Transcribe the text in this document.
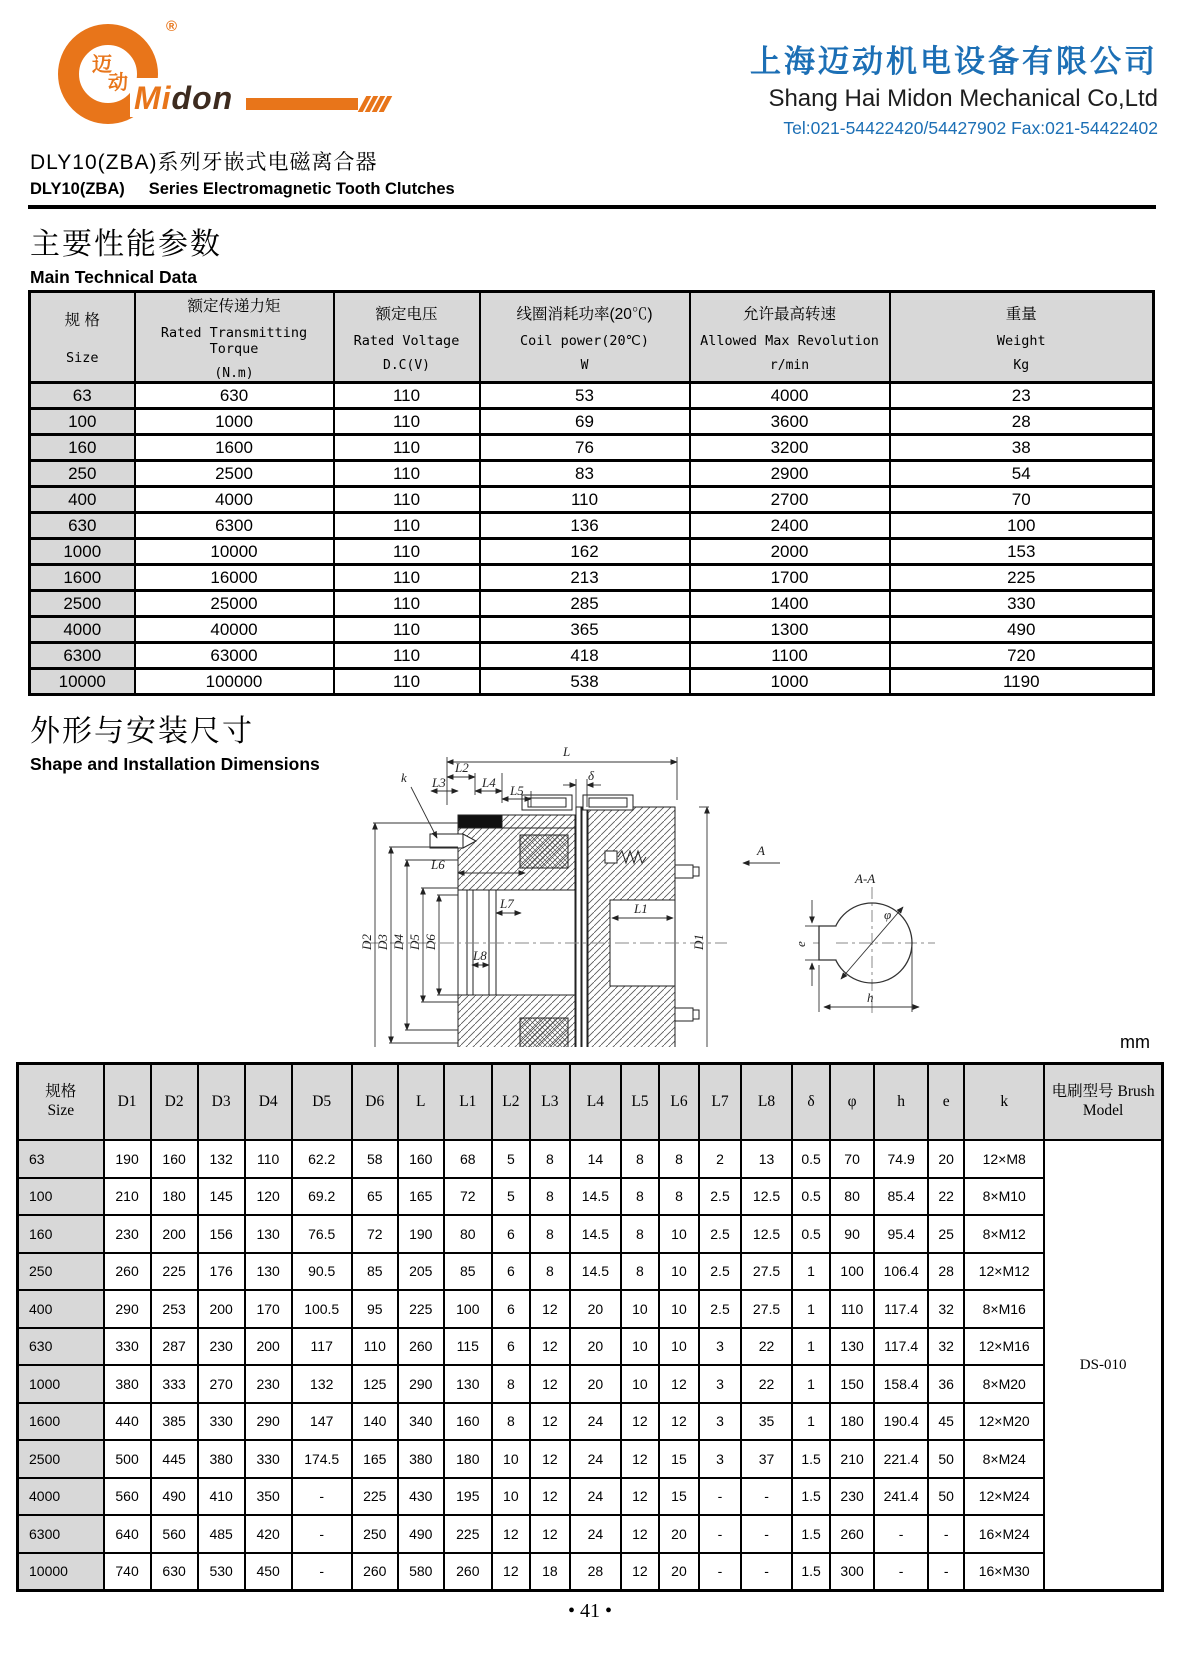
迈
动
®
Midon
上海迈动机电设备有限公司
Shang Hai Midon Mechanical Co,Ltd
Tel:021-54422420/54427902 Fax:021-54422402
DLY10(ZBA)系列牙嵌式电磁离合器
DLY10(ZBA) Series Electromagnetic Tooth Clutches
主要性能参数
Main Technical Data
规 格
Size

额定传递力矩
Rated Transmitting Torque
(N.m)

额定电压
Rated Voltage
D.C(V)

线圈消耗功率(20℃)
Coil power(20℃)
W

允许最高转速
Allowed Max Revolution
r/min

重量
Weight
Kg

63	630	110	53	4000	23
100	1000	110	69	3600	28
160	1600	110	76	3200	38
250	2500	110	83	2900	54
400	4000	110	110	2700	70
630	6300	110	136	2400	100
1000	10000	110	162	2000	153
1600	16000	110	213	1700	225
2500	25000	110	285	1400	330
4000	40000	110	365	1300	490
6300	63000	110	418	1100	720
10000	100000	110	538	1000	1190
外形与安装尺寸
Shape and Installation Dimensions
L
L2
L3	L4
L5
δ
k
L6
L7
L8
L1
D2 D3 D4 D5 D6	D1
A
A-A
φ
e
h
mm
规格
Size

D1	D2	D3	D4	D5	D6	L	L1	L2	L3	L4	L5	L6	L7	L8	δ	φ	h	e	k

电刷型号 Brush
Model

63	190	160	132	110	62.2	58	160	68	5	8	14	8	8	2	13	0.5	70	74.9	20	12×M8	DS-010
100	210	180	145	120	69.2	65	165	72	5	8	14.5	8	8	2.5	12.5	0.5	80	85.4	22	8×M10	
160	230	200	156	130	76.5	72	190	80	6	8	14.5	8	10	2.5	12.5	0.5	90	95.4	25	8×M12	
250	260	225	176	130	90.5	85	205	85	6	8	14.5	8	10	2.5	27.5	1	100	106.4	28	12×M12	
400	290	253	200	170	100.5	95	225	100	6	12	20	10	10	2.5	27.5	1	110	117.4	32	8×M16	
630	330	287	230	200	117	110	260	115	6	12	20	10	10	3	22	1	130	117.4	32	12×M16	
1000	380	333	270	230	132	125	290	130	8	12	20	10	12	3	22	1	150	158.4	36	8×M20	
1600	440	385	330	290	147	140	340	160	8	12	24	12	12	3	35	1	180	190.4	45	12×M20	
2500	500	445	380	330	174.5	165	380	180	10	12	24	12	15	3	37	1.5	210	221.4	50	8×M24	
4000	560	490	410	350	-	225	430	195	10	12	24	12	15	-	-	1.5	230	241.4	50	12×M24	
6300	640	560	485	420	-	250	490	225	12	12	24	12	20	-	-	1.5	260	-	-	16×M24	
10000	740	630	530	450	-	260	580	260	12	18	28	12	20	-	-	1.5	300	-	-	16×M30	
• 41 •
